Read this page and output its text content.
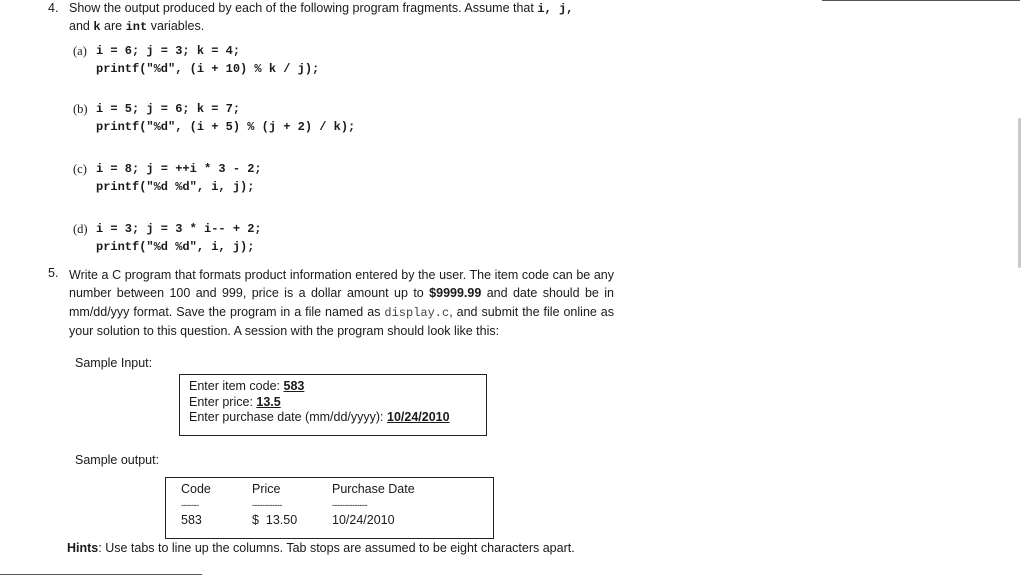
4. Show the output produced by each of the following program fragments. Assume that i, j,
and k are int variables.
(a) i = 6; j = 3; k = 4;
printf("%d", (i + 10) % k / j);
(b) i = 5; j = 6; k = 7;
printf("%d", (i + 5) % (j + 2) / k);
(c) i = 8; j = ++i * 3 - 2;
printf("%d %d", i, j);
(d) i = 3; j = 3 * i-- + 2;
printf("%d %d", i, j);
5. Write a C program that formats product information entered by the user. The item code can be any number between 100 and 999, price is a dollar amount up to $9999.99 and date should be in mm/dd/yyy format. Save the program in a file named as display.c, and submit the file online as your solution to this question. A session with the program should look like this:
Sample Input:
Enter item code: 583
Enter price: 13.5
Enter purchase date (mm/dd/yyyy): 10/24/2010
Sample output:
Code	Price	Purchase Date
-------	------------	--------------
583	$  13.50	10/24/2010
Hints: Use tabs to line up the columns. Tab stops are assumed to be eight characters apart.
